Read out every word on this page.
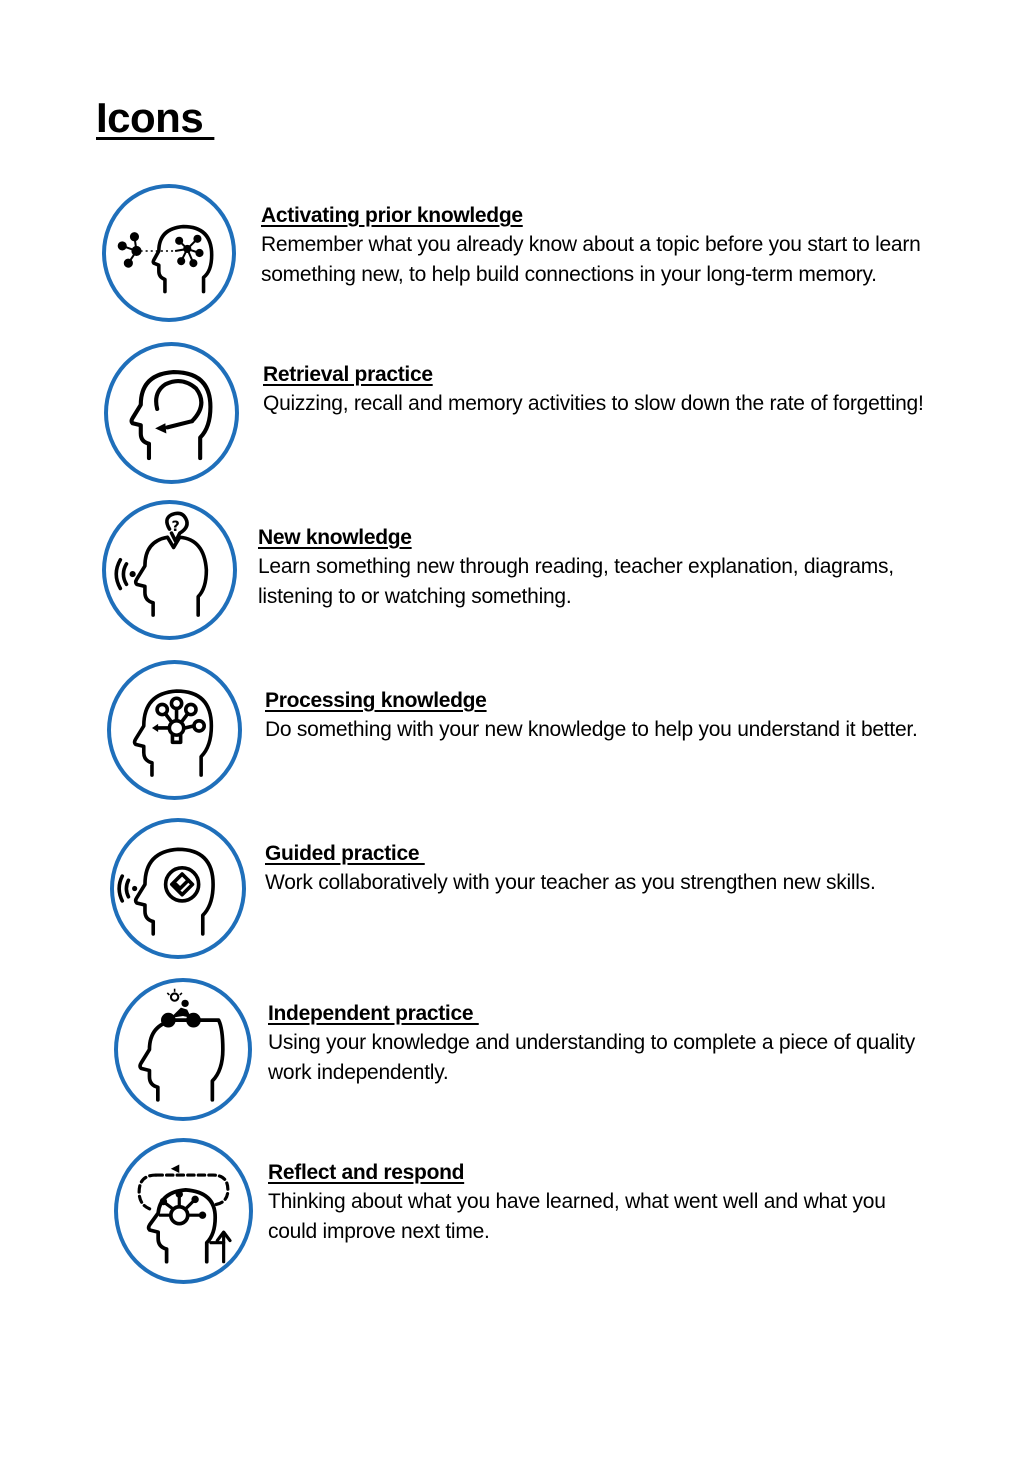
Icons
Activating prior knowledge
Remember what you already know about a topic before you start to learn something new, to help build connections in your long-term memory.
Retrieval practice
Quizzing, recall and memory activities to slow down the rate of forgetting!
?	New knowledge
Learn something new through reading, teacher explanation, diagrams, listening to or watching something.
Processing knowledge
Do something with your new knowledge to help you understand it better.
Guided practice
Work collaboratively with your teacher as you strengthen new skills.
Independent practice
Using your knowledge and understanding to complete a piece of quality work independently.
Reflect and respond
Thinking about what you have learned, what went well and what you could improve next time.
